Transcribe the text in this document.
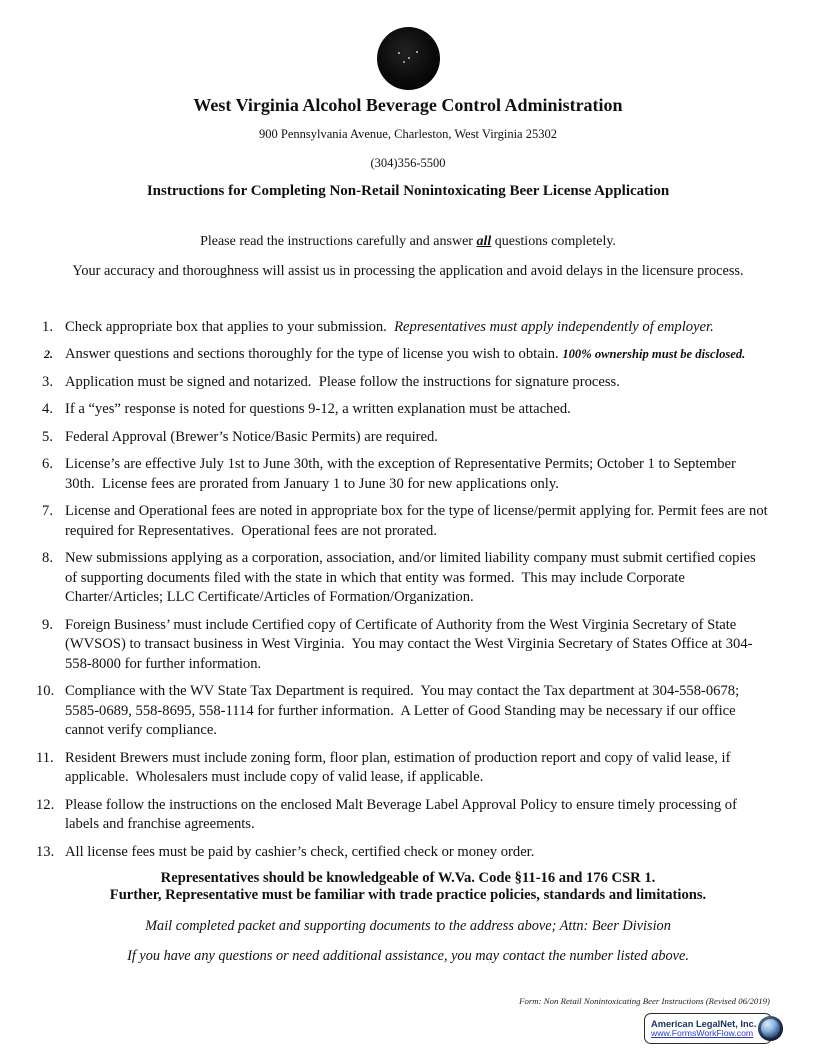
West Virginia Alcohol Beverage Control Administration
900 Pennsylvania Avenue, Charleston, West Virginia 25302
(304)356-5500
Instructions for Completing Non-Retail Nonintoxicating Beer License Application
Please read the instructions carefully and answer all questions completely.
Your accuracy and thoroughness will assist us in processing the application and avoid delays in the licensure process.
1. Check appropriate box that applies to your submission.  Representatives must apply independently of employer.
2. Answer questions and sections thoroughly for the type of license you wish to obtain. 100% ownership must be disclosed.
3. Application must be signed and notarized.  Please follow the instructions for signature process.
4. If a “yes” response is noted for questions 9-12, a written explanation must be attached.
5. Federal Approval (Brewer’s Notice/Basic Permits) are required.
6. License’s are effective July 1st to June 30th, with the exception of Representative Permits; October 1 to September 30th.  License fees are prorated from January 1 to June 30 for new applications only.
7. License and Operational fees are noted in appropriate box for the type of license/permit applying for. Permit fees are not required for Representatives.  Operational fees are not prorated.
8. New submissions applying as a corporation, association, and/or limited liability company must submit certified copies of supporting documents filed with the state in which that entity was formed.  This may include Corporate Charter/Articles; LLC Certificate/Articles of Formation/Organization.
9. Foreign Business’ must include Certified copy of Certificate of Authority from the West Virginia Secretary of State (WVSOS) to transact business in West Virginia.  You may contact the West Virginia Secretary of States Office at 304-558-8000 for further information.
10. Compliance with the WV State Tax Department is required.  You may contact the Tax department at 304-558-0678; 5585-0689, 558-8695, 558-1114 for further information.  A Letter of Good Standing may be necessary if our office cannot verify compliance.
11. Resident Brewers must include zoning form, floor plan, estimation of production report and copy of valid lease, if applicable.  Wholesalers must include copy of valid lease, if applicable.
12. Please follow the instructions on the enclosed Malt Beverage Label Approval Policy to ensure timely processing of labels and franchise agreements.
13. All license fees must be paid by cashier’s check, certified check or money order.
Representatives should be knowledgeable of W.Va. Code §11-16 and 176 CSR 1.
Further, Representative must be familiar with trade practice policies, standards and limitations.
Mail completed packet and supporting documents to the address above; Attn: Beer Division
If you have any questions or need additional assistance, you may contact the number listed above.
Form: Non Retail Nonintoxicating Beer Instructions (Revised 06/2019)
American LegalNet, Inc.
www.FormsWorkFlow.com
